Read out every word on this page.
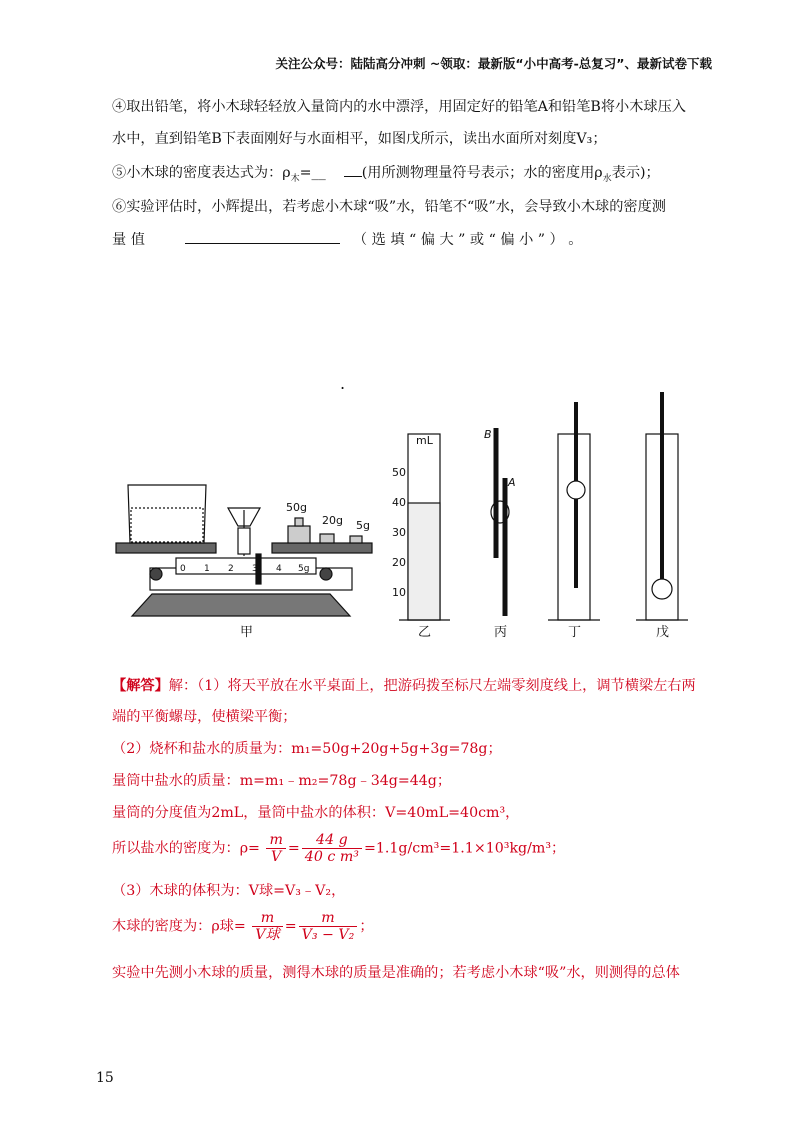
关注公众号：陆陆高分冲刺 ~领取：最新版“小中高考-总复习”、最新试卷下载
④取出铅笔，将小木球轻轻放入量筒内的水中漂浮，用固定好的铅笔A和铅笔B将小木球压入
水中，直到铅笔B下表面刚好与水面相平，如图戊所示，读出水面所对刻度V₃；
⑤小木球的密度表达式为：$\rho_木=\_\_$	(用所测物理量符号表示；水的密度用$\rho_水$表示)；
⑥实验评估时，小辉提出，若考虑小木球“吸”水，铅笔不“吸”水，会导致小木球的密度测
量 值	（ 选 填 “ 偏 大 ” 或 “ 偏 小 ” ） 。
.
50g
20g 5g
0 1 2 3 4 5g
mL
50
40
30
20
10
B
A
甲	乙	丙	丁	戊
【解答】解：（1）将天平放在水平桌面上，把游码拨至标尺左端零刻度线上，调节横梁左右两
端的平衡螺母，使横梁平衡；
（2）烧杯和盐水的质量为：m₁=50g+20g+5g+3g=78g；
量筒中盐水的质量：m=m₁﹣m₂=78g﹣34g=44g；
量筒的分度值为2mL，量筒中盐水的体积：V=40mL=40cm³，
所以盐水的密度为：$\rho= \frac{m}{V} = \frac{44 g}{\text{40 c m³}} =1.1g/cm^3=1.1\times 10^3kg/m^3$；
（3）木球的体积为：V球=V₃﹣V₂，
木球的密度为：ρ球= $\frac{m}{\text{V球}} = \frac{m}{\text{V₃ − V₂}}$ ；
实验中先测小木球的质量，测得木球的质量是准确的；若考虑小木球“吸”水，则测得的总体
15
